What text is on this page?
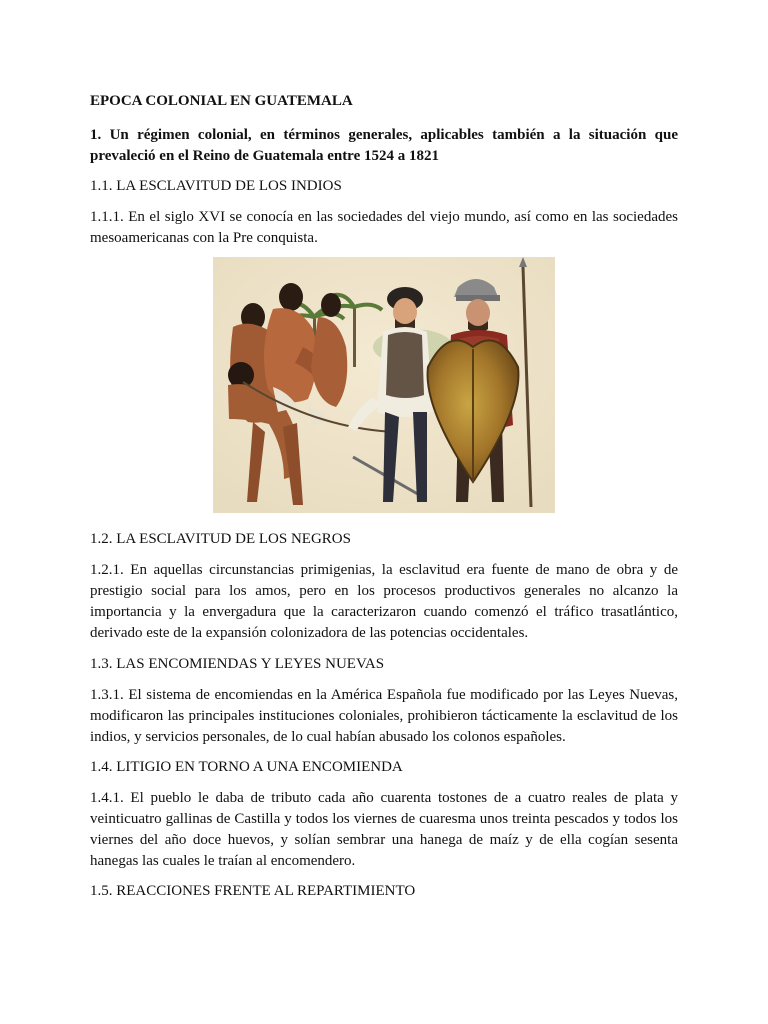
EPOCA COLONIAL EN GUATEMALA

1. Un régimen colonial, en términos generales, aplicables también a la situación que prevaleció en el Reino de Guatemala entre 1524 a 1821

1.1. LA ESCLAVITUD DE LOS INDIOS

1.1.1. En el siglo XVI se conocía en las sociedades del viejo mundo, así como en las sociedades mesoamericanas con la Pre conquista.

1.2. LA ESCLAVITUD DE LOS NEGROS

1.2.1. En aquellas circunstancias primigenias, la esclavitud era fuente de mano de obra y de prestigio social para los amos, pero en los procesos productivos generales no alcanzo la importancia y la envergadura que la caracterizaron cuando comenzó el tráfico trasatlántico, derivado este de la expansión colonizadora de las potencias occidentales.

1.3. LAS ENCOMIENDAS Y LEYES NUEVAS

1.3.1. El sistema de encomiendas en la América Española fue modificado por las Leyes Nuevas, modificaron las principales instituciones coloniales, prohibieron tácticamente la esclavitud de los indios, y servicios personales, de lo cual habían abusado los colonos españoles.

1.4. LITIGIO EN TORNO A UNA ENCOMIENDA

1.4.1. El pueblo le daba de tributo cada año cuarenta tostones de a cuatro reales de plata y veinticuatro gallinas de Castilla y todos los viernes de cuaresma unos treinta pescados y todos los viernes del año doce huevos, y solían sembrar una hanega de maíz y de ella cogían sesenta hanegas las cuales le traían al encomendero.

1.5. REACCIONES FRENTE AL REPARTIMIENTO
